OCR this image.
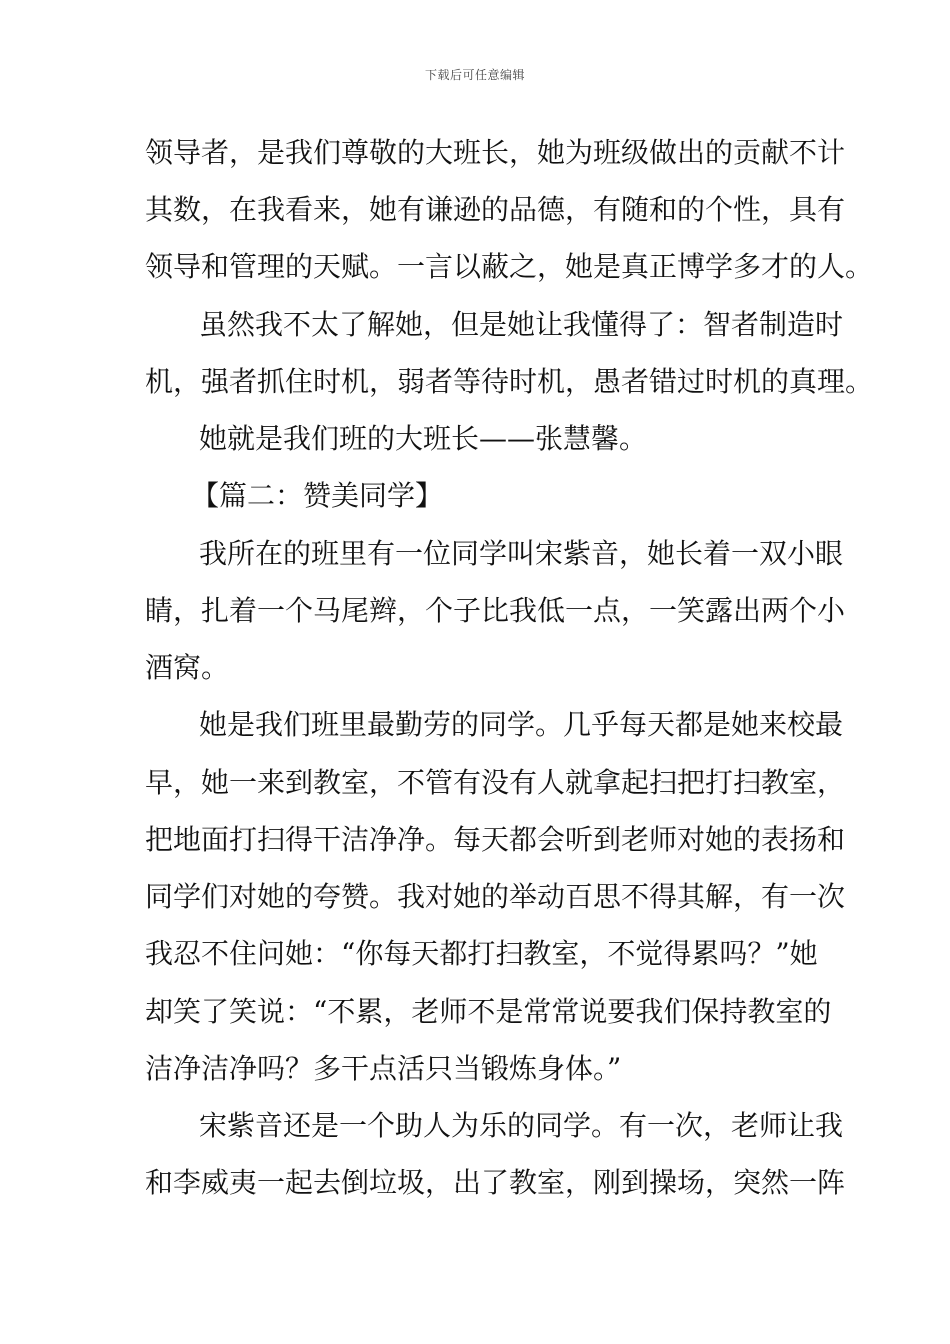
下载后可任意编辑
领导者，是我们尊敬的大班长，她为班级做出的贡献不计
其数，在我看来，她有谦逊的品德，有随和的个性，具有
领导和管理的天赋。一言以蔽之，她是真正博学多才的人。
虽然我不太了解她，但是她让我懂得了：智者制造时
机，强者抓住时机，弱者等待时机，愚者错过时机的真理。
她就是我们班的大班长——张慧馨。
【篇二：赞美同学】
我所在的班里有一位同学叫宋紫音，她长着一双小眼
睛，扎着一个马尾辫，个子比我低一点，一笑露出两个小
酒窝。
她是我们班里最勤劳的同学。几乎每天都是她来校最
早，她一来到教室，不管有没有人就拿起扫把打扫教室，
把地面打扫得干洁净净。每天都会听到老师对她的表扬和
同学们对她的夸赞。我对她的举动百思不得其解，有一次
我忍不住问她：“你每天都打扫教室，不觉得累吗？”她
却笑了笑说：“不累，老师不是常常说要我们保持教室的
洁净洁净吗？多干点活只当锻炼身体。”
宋紫音还是一个助人为乐的同学。有一次，老师让我
和李威夷一起去倒垃圾，出了教室，刚到操场，突然一阵
